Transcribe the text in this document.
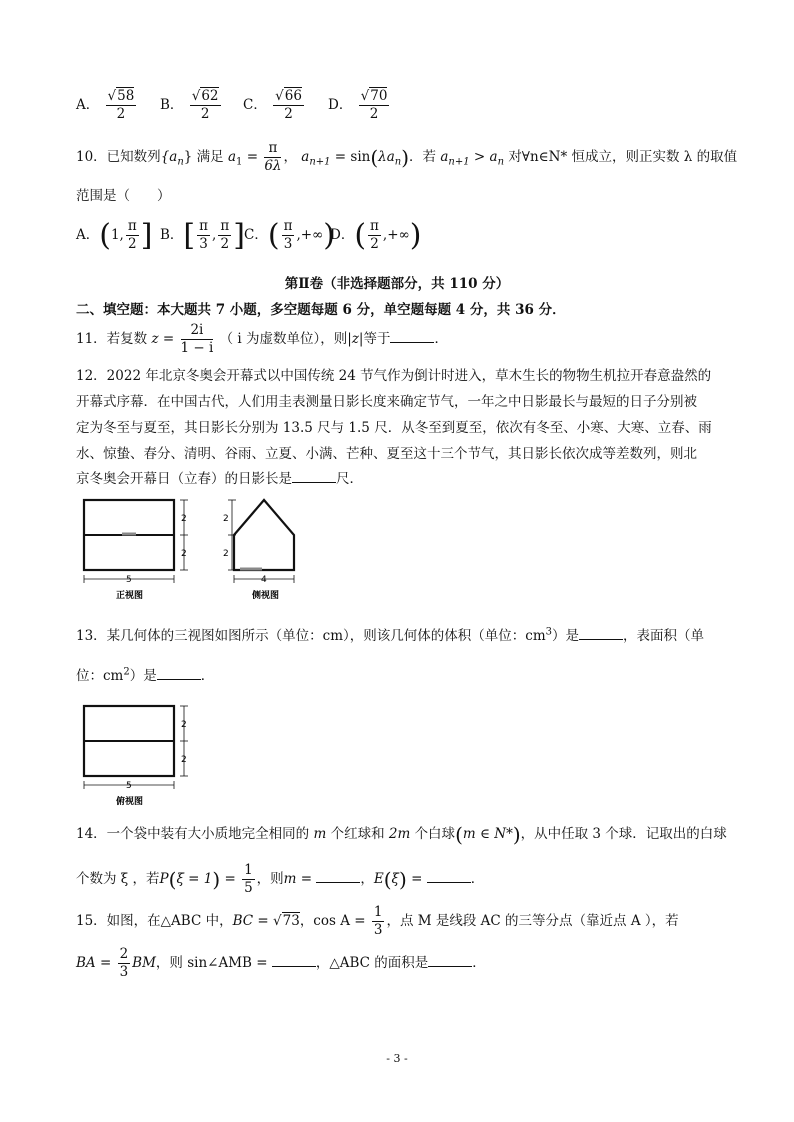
A． $\frac{√58}{2}$ B． $\frac{√62}{2}$ C． $\frac{√66}{2}$ D． $\frac{√70}{2}$
10．已知数列$\{a_n\}$ 满足 $a_1 = \frac{\pi}{6\lambda}$ ， $a_{n+1} = \sin(\lambda a_n)$．若 $a_{n+1} > a_n$ 对∀n∈N* 恒成立，则正实数 λ 的取值
范围是（　　）
A．(1, $\frac{\pi}{2}$ ] B．[ $\frac{\pi}{3}$ , $\frac{\pi}{2}$ ] C．( $\frac{\pi}{3}$ ,+∞)
D．( $\frac{\pi}{2}$ ,+∞)
第Ⅱ卷（非选择题部分，共 110 分）
二、填空题：本大题共 7 小题，多空题每题 6 分，单空题每题 4 分，共 36 分．
11．若复数 $z = \frac{2i}{1 - i}$ （ i 为虚数单位），则|z|等于	．
12．2022 年北京冬奥会开幕式以中国传统 24 节气作为倒计时进入，草木生长的物物生机拉开春意盎然的
开幕式序幕．在中国古代，人们用圭表测量日影长度来确定节气，一年之中日影最长与最短的日子分别被
定为冬至与夏至，其日影长分别为 13.5 尺与 1.5 尺．从冬至到夏至，依次有冬至、小寒、大寒、立春、雨
水、惊蛰、春分、清明、谷雨、立夏、小满、芒种、夏至这十三个节气，其日影长依次成等差数列，则北
京冬奥会开幕日（立春）的日影长是	尺．
2
2
5
正视图
2
2
4
侧视图
13．某几何体的三视图如图所示（单位：cm），则该几何体的体积（单位：$cm^3$）是	，表面积（单
位：$cm^2$）是	．
2
2
5
俯视图
14．一个袋中装有大小质地完全相同的 m 个红球和 2m 个白球(m ∈ N*)，从中任取 3 个球．记取出的白球
个数为 ξ ，若$P(\xi = 1) = \frac{1}{5}$ ，则m =	，E(ξ) =	．
15．如图，在△ABC 中，BC = √73，$\cos A = \frac{1}{3}$ ，点 M 是线段 AC 的三等分点（靠近点 A ），若
BA = $\frac{2}{3}$ BM，则 sin∠AMB =	，△ABC 的面积是	．
- 3 -
